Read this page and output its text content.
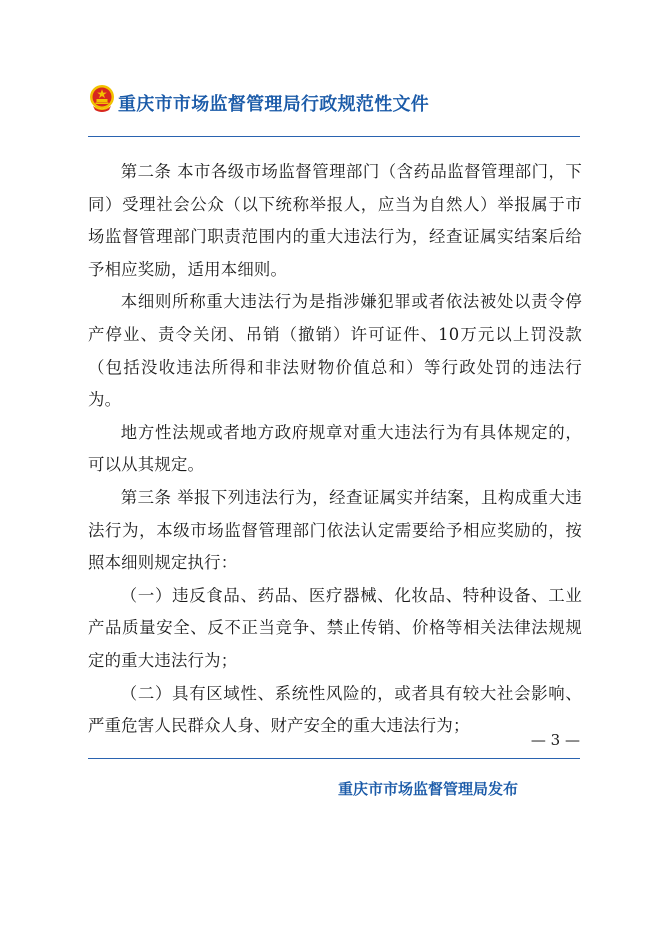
重庆市市场监督管理局行政规范性文件

第二条 本市各级市场监督管理部门（含药品监督管理部门，下同）受理社会公众（以下统称举报人，应当为自然人）举报属于市场监督管理部门职责范围内的重大违法行为，经查证属实结案后给予相应奖励，适用本细则。

本细则所称重大违法行为是指涉嫌犯罪或者依法被处以责令停产停业、责令关闭、吊销（撤销）许可证件、10万元以上罚没款（包括没收违法所得和非法财物价值总和）等行政处罚的违法行为。

地方性法规或者地方政府规章对重大违法行为有具体规定的，可以从其规定。

第三条 举报下列违法行为，经查证属实并结案，且构成重大违法行为，本级市场监督管理部门依法认定需要给予相应奖励的，按照本细则规定执行：

（一）违反食品、药品、医疗器械、化妆品、特种设备、工业产品质量安全、反不正当竞争、禁止传销、价格等相关法律法规规定的重大违法行为；

（二）具有区域性、系统性风险的，或者具有较大社会影响、严重危害人民群众人身、财产安全的重大违法行为；

— 3 —
重庆市市场监督管理局发布
